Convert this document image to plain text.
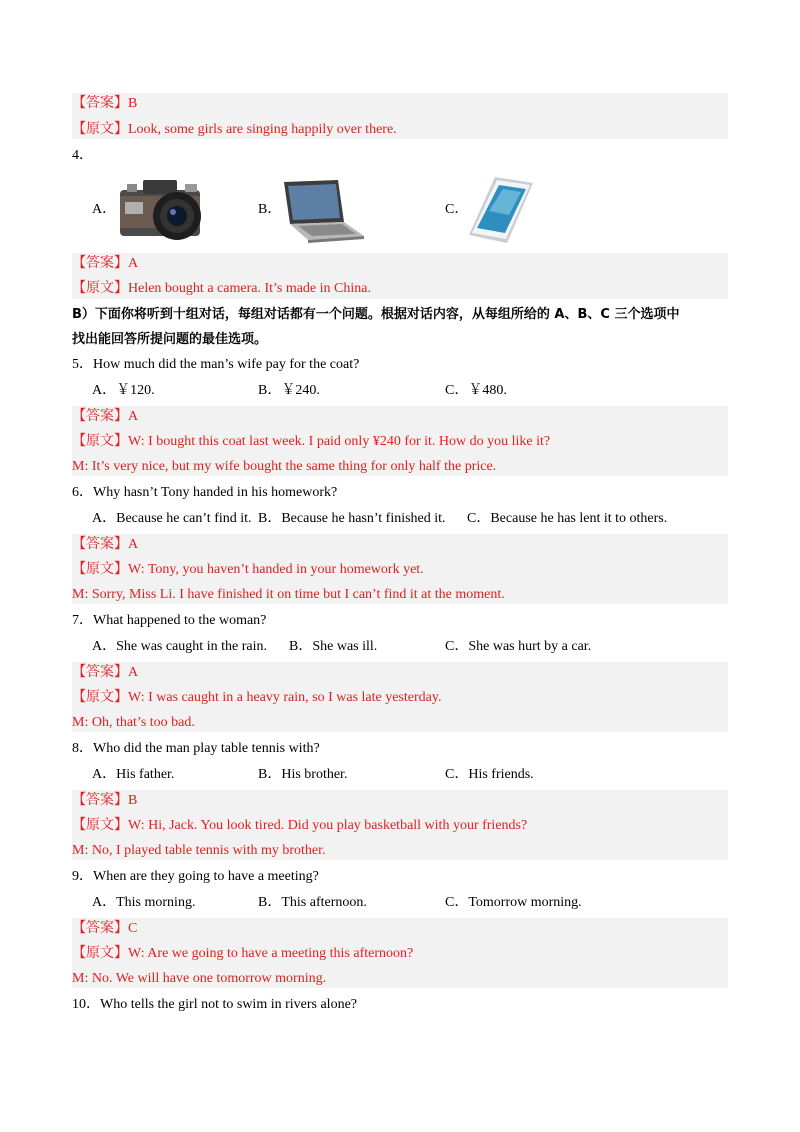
【答案】B
【原文】Look, some girls are singing happily over there.
4．
A．	B．	C．
【答案】A
【原文】Helen bought a camera. It’s made in China.
B）下面你将听到十组对话，每组对话都有一个问题。根据对话内容，从每组所给的 A、B、C 三个选项中
找出能回答所提问题的最佳选项。
5．How much did the man’s wife pay for the coat?
A．￥120.	B．￥240.	C．￥480.
【答案】A
【原文】W: I bought this coat last week. I paid only ¥240 for it. How do you like it?
M: It’s very nice, but my wife bought the same thing for only half the price.
6．Why hasn’t Tony handed in his homework?
A．Because he can’t find it. B．Because he hasn’t finished it. C．Because he has lent it to others.
【答案】A
【原文】W: Tony, you haven’t handed in your homework yet.
M: Sorry, Miss Li. I have finished it on time but I can’t find it at the moment.
7．What happened to the woman?
A．She was caught in the rain. B．She was ill.	C．She was hurt by a car.
【答案】A
【原文】W: I was caught in a heavy rain, so I was late yesterday.
M: Oh, that’s too bad.
8．Who did the man play table tennis with?
A．His father.	B．His brother.	C．His friends.
【答案】B
【原文】W: Hi, Jack. You look tired. Did you play basketball with your friends?
M: No, I played table tennis with my brother.
9．When are they going to have a meeting?
A．This morning.	B．This afternoon.	C．Tomorrow morning.
【答案】C
【原文】W: Are we going to have a meeting this afternoon?
M: No. We will have one tomorrow morning.
10．Who tells the girl not to swim in rivers alone?
